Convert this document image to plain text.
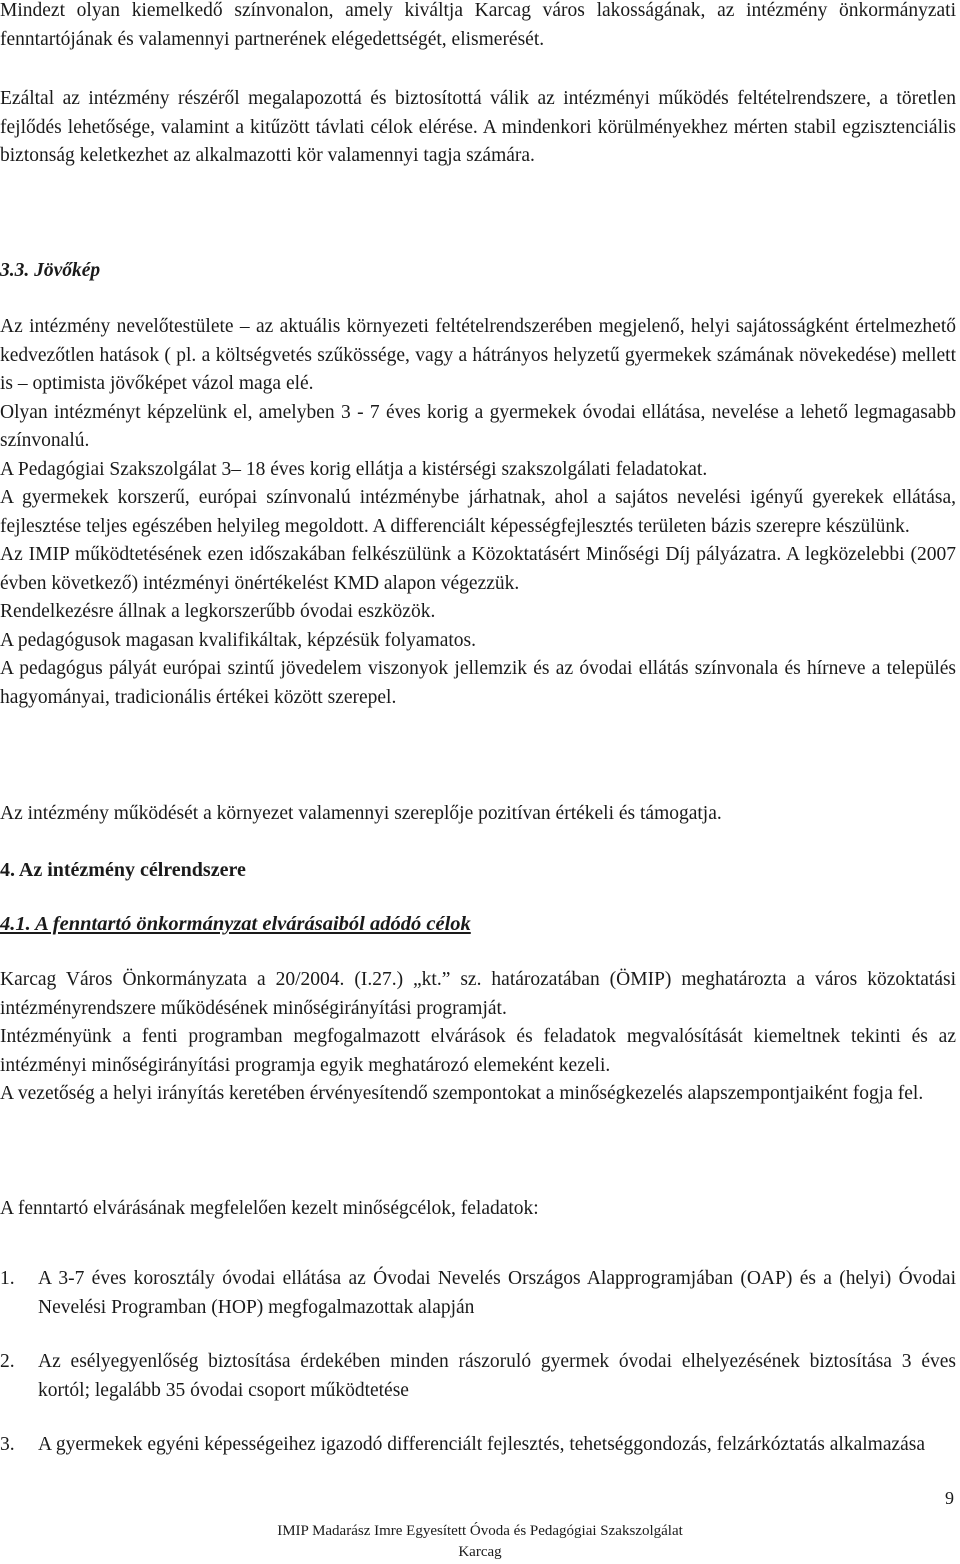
Mindezt olyan kiemelkedő színvonalon, amely kiváltja Karcag város lakosságának, az intézmény önkormányzati fenntartójának és valamennyi partnerének elégedettségét, elismerését.

Ezáltal az intézmény részéről megalapozottá és biztosítottá válik az intézményi működés feltételrendszere, a töretlen fejlődés lehetősége, valamint a kitűzött távlati célok elérése. A mindenkori körülményekhez mérten stabil egzisztenciális biztonság keletkezhet az alkalmazotti kör valamennyi tagja számára.

3.3. Jövőkép
Az intézmény nevelőtestülete – az aktuális környezeti feltételrendszerében megjelenő, helyi sajátosságként értelmezhető kedvezőtlen hatások ( pl. a költségvetés szűkössége, vagy a hátrányos helyzetű gyermekek számának növekedése) mellett is – optimista jövőképet vázol maga elé.
Olyan intézményt képzelünk el, amelyben 3 - 7 éves korig a gyermekek óvodai ellátása, nevelése a lehető legmagasabb színvonalú.
A Pedagógiai Szakszolgálat 3– 18 éves korig ellátja a kistérségi szakszolgálati feladatokat.
A gyermekek korszerű, európai színvonalú intézménybe járhatnak, ahol a sajátos nevelési igényű gyerekek ellátása, fejlesztése teljes egészében helyileg megoldott. A differenciált képességfejlesztés területen bázis szerepre készülünk.
Az IMIP működtetésének ezen időszakában felkészülünk a Közoktatásért Minőségi Díj pályázatra. A legközelebbi (2007 évben következő) intézményi önértékelést KMD alapon végezzük.
Rendelkezésre állnak a legkorszerűbb óvodai eszközök.
A pedagógusok magasan kvalifikáltak, képzésük folyamatos.
A pedagógus pályát európai szintű jövedelem viszonyok jellemzik és az óvodai ellátás színvonala és hírneve a település hagyományai, tradicionális értékei között szerepel.

Az intézmény működését a környezet valamennyi szereplője pozitívan értékeli és támogatja.

4. Az intézmény célrendszere
4.1. A fenntartó önkormányzat elvárásaiból adódó célok
Karcag Város Önkormányzata a 20/2004. (I.27.) „kt.” sz. határozatában (ÖMIP) meghatározta a város közoktatási intézményrendszere működésének minőségirányítási programját.
Intézményünk a fenti programban megfogalmazott elvárások és feladatok megvalósítását kiemeltnek tekinti és az intézményi minőségirányítási programja egyik meghatározó elemeként kezeli.
A vezetőség a helyi irányítás keretében érvényesítendő szempontokat a minőségkezelés alapszempontjaiként fogja fel.

A fenntartó elvárásának megfelelően kezelt minőségcélok, feladatok:

1. A 3-7 éves korosztály óvodai ellátása az Óvodai Nevelés Országos Alapprogramjában (OAP) és a (helyi) Óvodai Nevelési Programban (HOP) megfogalmazottak alapján
2. Az esélyegyenlőség biztosítása érdekében minden rászoruló gyermek óvodai elhelyezésének biztosítása 3 éves kortól; legalább 35 óvodai csoport működtetése
3. A gyermekek egyéni képességeihez igazodó differenciált fejlesztés, tehetséggondozás, felzárkóztatás alkalmazása
9
IMIP Madarász Imre Egyesített Óvoda és Pedagógiai Szakszolgálat
Karcag
